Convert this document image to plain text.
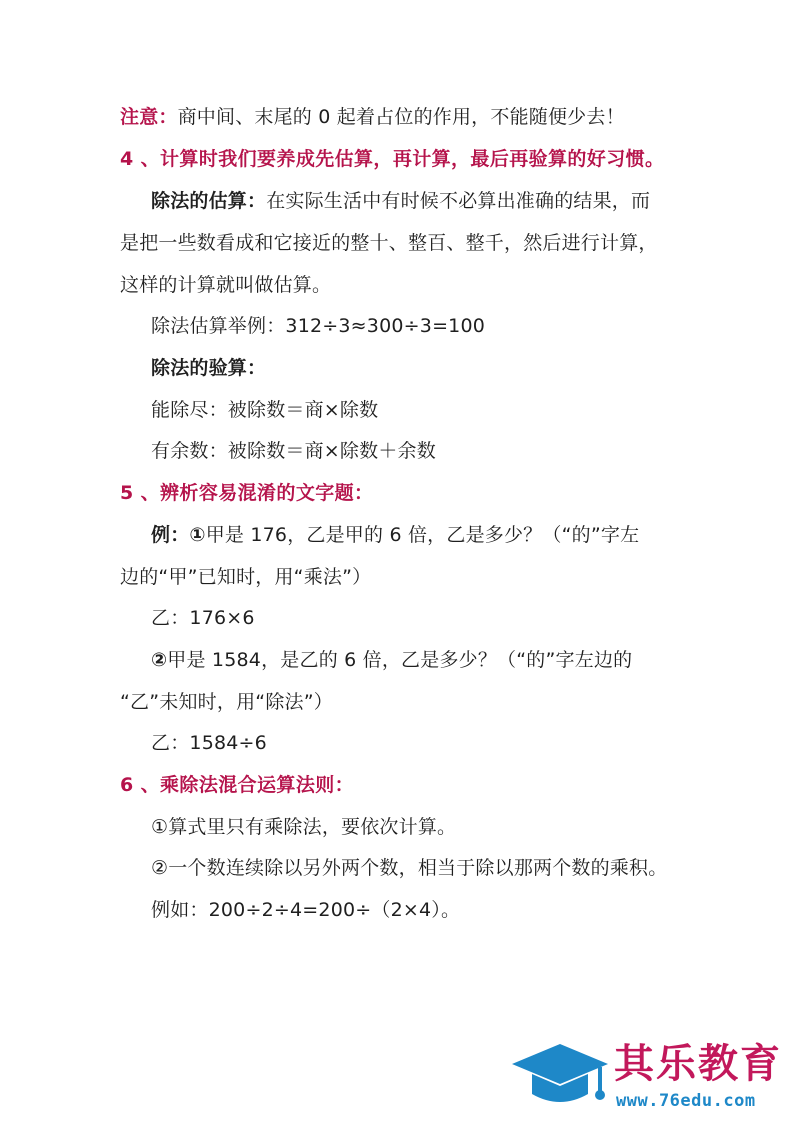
注意：商中间、末尾的 0 起着占位的作用，不能随便少去！
4 、计算时我们要养成先估算，再计算，最后再验算的好习惯。
除法的估算：在实际生活中有时候不必算出准确的结果，而
是把一些数看成和它接近的整十、整百、整千，然后进行计算，
这样的计算就叫做估算。
除法估算举例：312÷3≈300÷3=100
除法的验算：
能除尽：被除数＝商×除数
有余数：被除数＝商×除数＋余数
5 、辨析容易混淆的文字题：
例：①甲是 176，乙是甲的 6 倍，乙是多少？（“的”字左
边的“甲”已知时，用“乘法”）
乙：176×6
②甲是 1584，是乙的 6 倍，乙是多少？（“的”字左边的
“乙”未知时，用“除法”）
乙：1584÷6
6 、乘除法混合运算法则：
①算式里只有乘除法，要依次计算。
②一个数连续除以另外两个数，相当于除以那两个数的乘积。
例如：200÷2÷4=200÷（2×4）。
其乐教育
www.76edu.com
